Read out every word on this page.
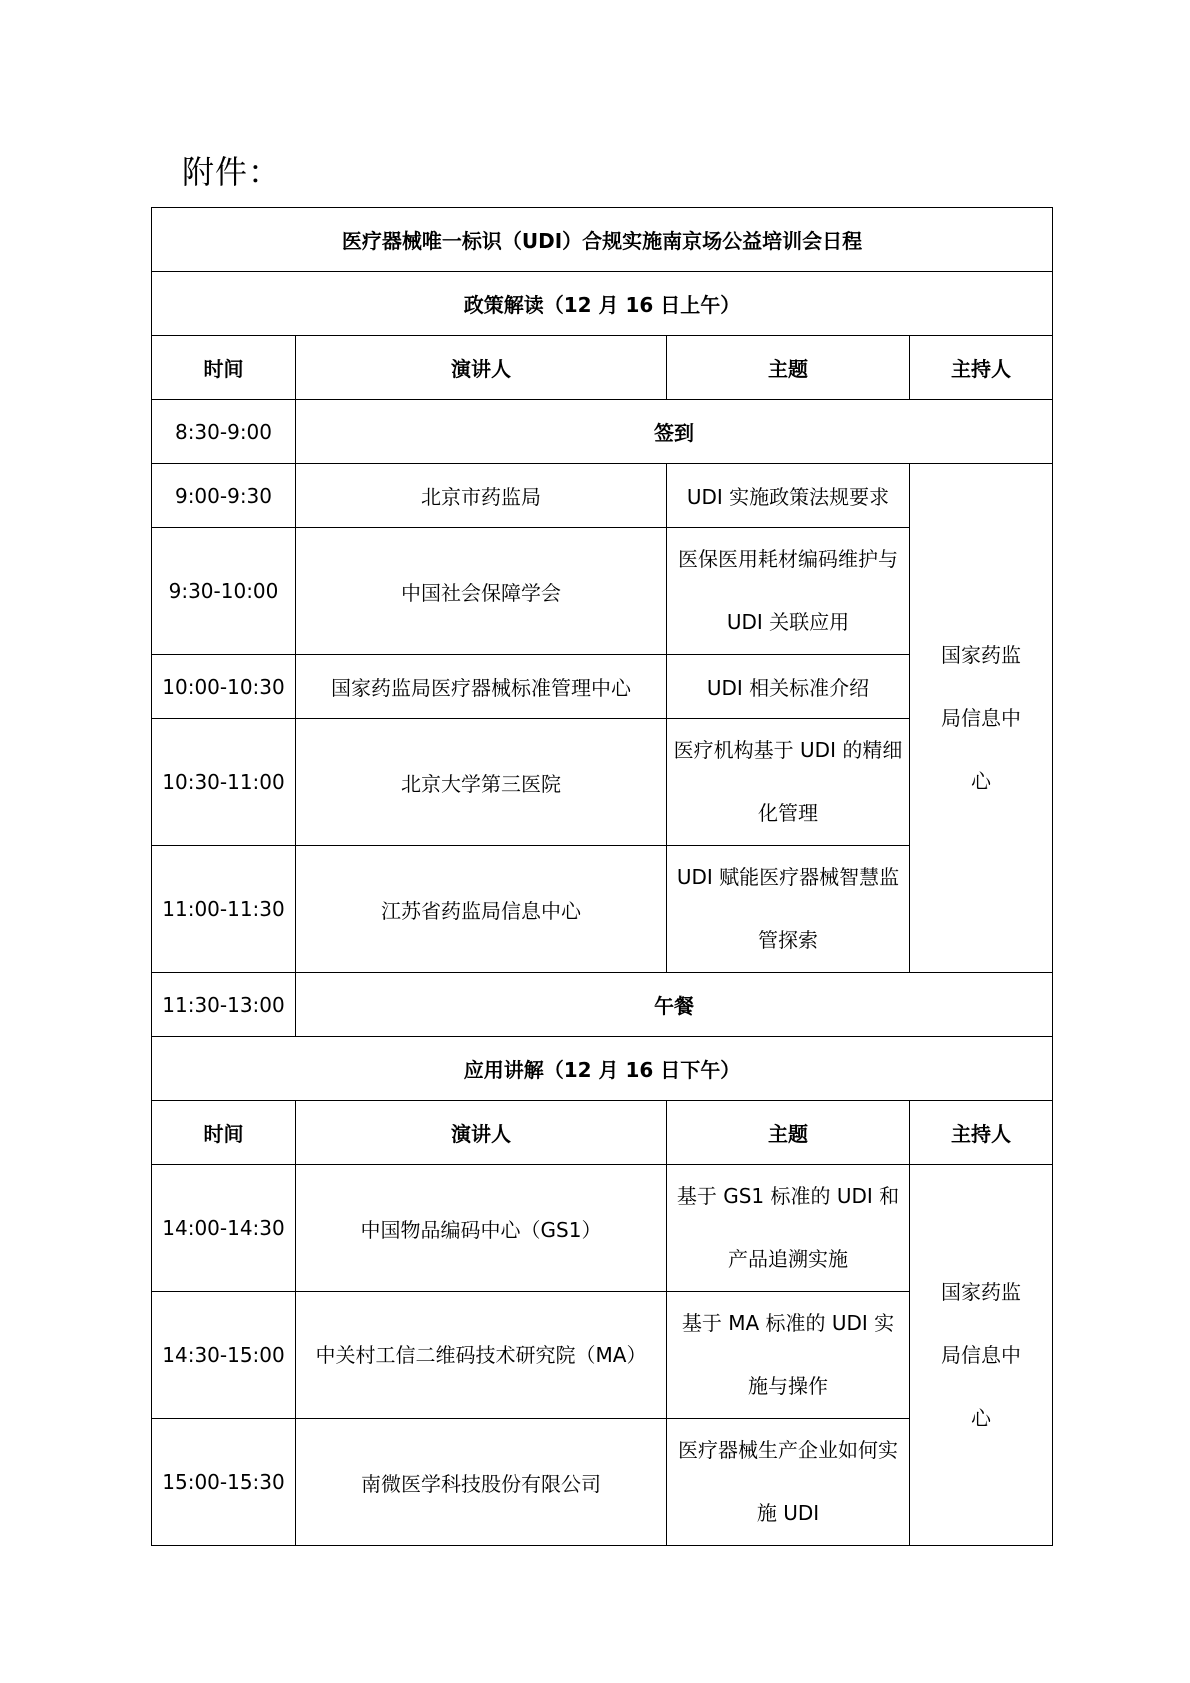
附件：
医疗器械唯一标识（UDI）合规实施南京场公益培训会日程			
政策解读（12 月 16 日上午）			
时间	演讲人	主题	主持人
8:30-9:00	签到		
9:00-9:30	北京市药监局	UDI 实施政策法规要求	国家药监局信息中心

9:30-10:00	中国社会保障学会	医保医用耗材编码维护与 UDI 关联应用	
10:00-10:30	国家药监局医疗器械标准管理中心	UDI 相关标准介绍	
10:30-11:00	北京大学第三医院	医疗机构基于 UDI 的精细化管理	
11:00-11:30	江苏省药监局信息中心	UDI 赋能医疗器械智慧监管探索	
11:30-13:00	午餐		
应用讲解（12 月 16 日下午）			
时间	演讲人	主题	主持人
14:00-14:30	中国物品编码中心（GS1）	基于 GS1 标准的 UDI 和产品追溯实施	国家药监局信息中心

14:30-15:00	中关村工信二维码技术研究院（MA）	基于 MA 标准的 UDI 实施与操作	
15:00-15:30	南微医学科技股份有限公司	医疗器械生产企业如何实施 UDI	
